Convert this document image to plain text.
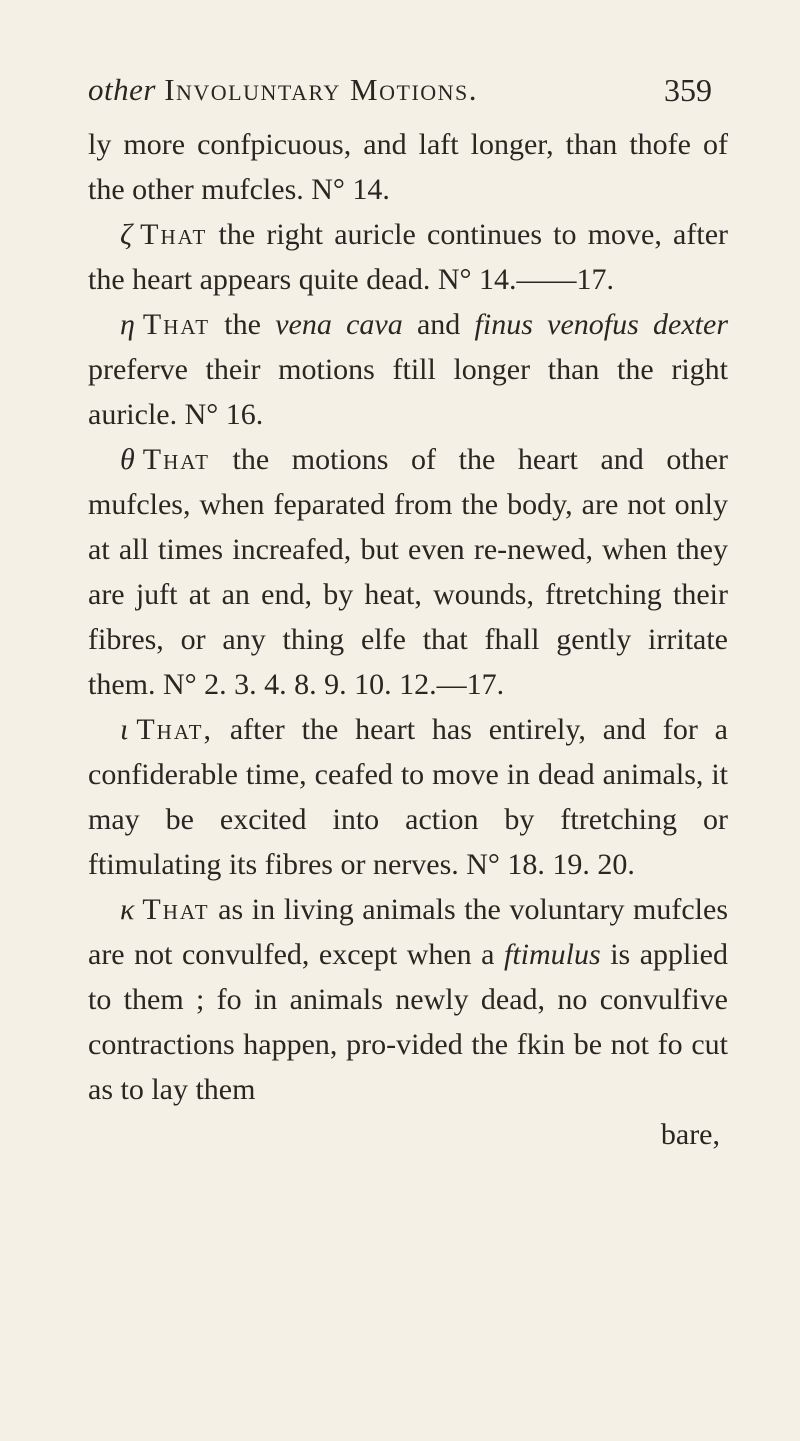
other Involuntary Motions.	359

ly more confpicuous, and laft longer, than thofe of the other mufcles. N° 14.

ζ That the right auricle continues to move, after the heart appears quite dead. N° 14.——17.

η That the vena cava and finus venofus dexter preferve their motions ftill longer than the right auricle. N° 16.

θ That the motions of the heart and other mufcles, when feparated from the body, are not only at all times increafed, but even re-newed, when they are juft at an end, by heat, wounds, ftretching their fibres, or any thing elfe that fhall gently irritate them. N° 2. 3. 4. 8. 9. 10. 12.—17.

ι That, after the heart has entirely, and for a confiderable time, ceafed to move in dead animals, it may be excited into action by ftretching or ftimulating its fibres or nerves. N° 18. 19. 20.

κ That as in living animals the voluntary mufcles are not convulfed, except when a ftimulus is applied to them ; fo in animals newly dead, no convulfive contractions happen, pro-vided the fkin be not fo cut as to lay them

bare,
